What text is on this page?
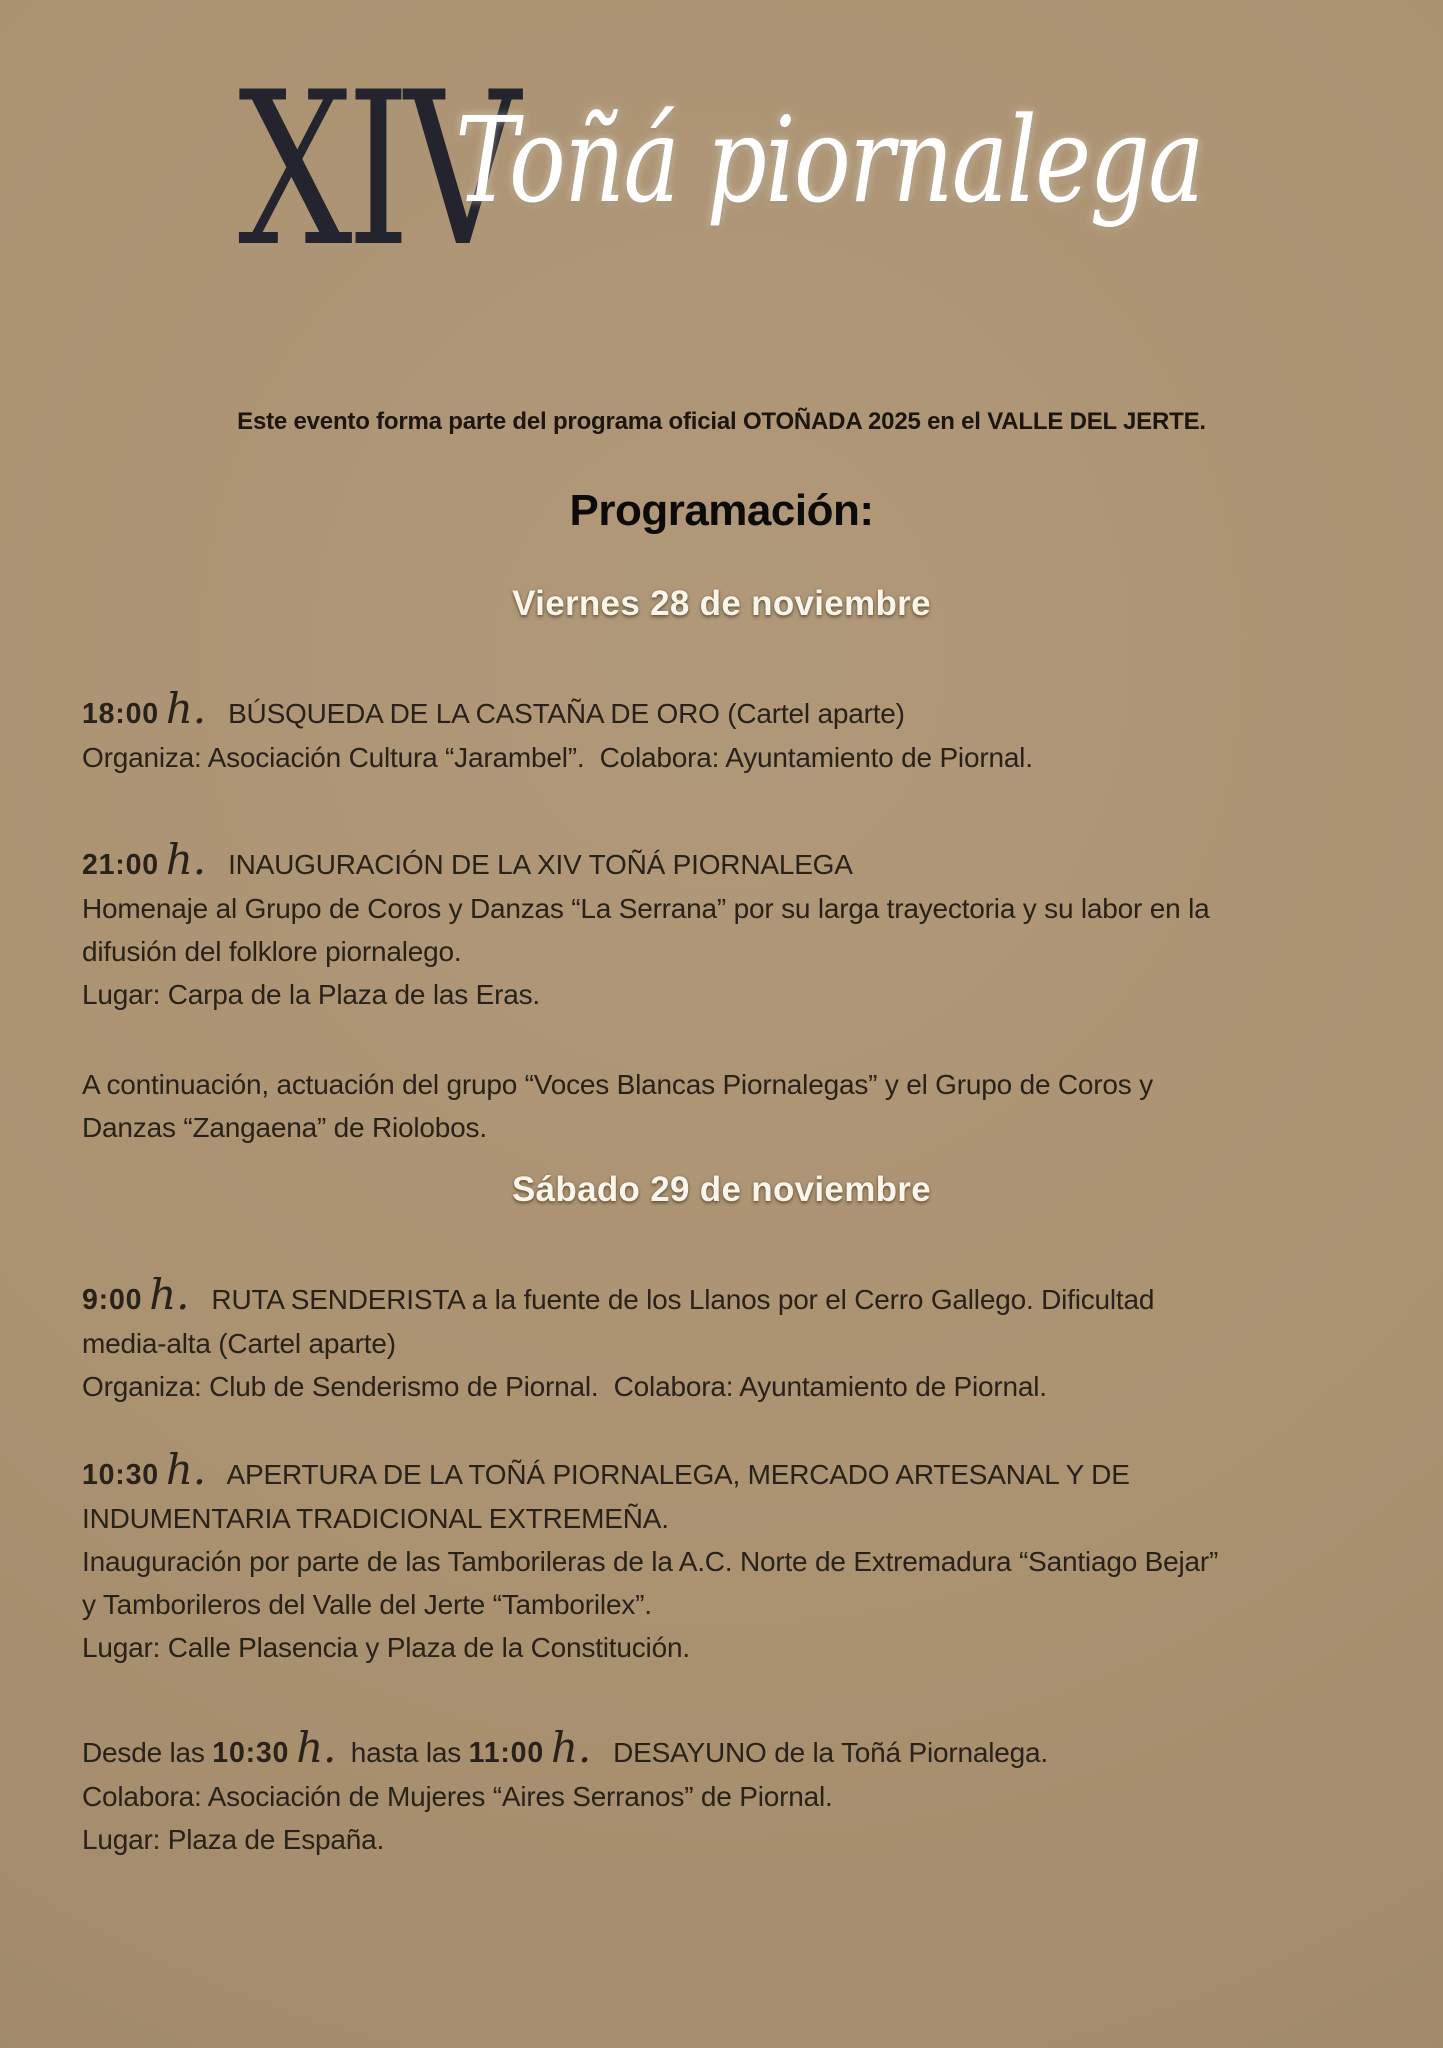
XIV
Toñá piornalega

Este evento forma parte del programa oficial OTOÑADA 2025 en el VALLE DEL JERTE.

Programación:
Viernes 28 de noviembre
18:00 h.  BÚSQUEDA DE LA CASTAÑA DE ORO (Cartel aparte)
Organiza: Asociación Cultura “Jarambel”.  Colabora: Ayuntamiento de Piornal.
21:00 h.  INAUGURACIÓN DE LA XIV TOÑÁ PIORNALEGA
Homenaje al Grupo de Coros y Danzas “La Serrana” por su larga trayectoria y su labor en la
difusión del folklore piornalego.
Lugar: Carpa de la Plaza de las Eras.
A continuación, actuación del grupo “Voces Blancas Piornalegas” y el Grupo de Coros y
Danzas “Zangaena” de Riolobos.
Sábado 29 de noviembre
9:00 h.  RUTA SENDERISTA a la fuente de los Llanos por el Cerro Gallego. Dificultad
media-alta (Cartel aparte)
Organiza: Club de Senderismo de Piornal.  Colabora: Ayuntamiento de Piornal.
10:30 h.  APERTURA DE LA TOÑÁ PIORNALEGA, MERCADO ARTESANAL Y DE
INDUMENTARIA TRADICIONAL EXTREMEÑA.
Inauguración por parte de las Tamborileras de la A.C. Norte de Extremadura “Santiago Bejar”
y Tamborileros del Valle del Jerte “Tamborilex”.
Lugar: Calle Plasencia y Plaza de la Constitución.
Desde las 10:30 h. hasta las 11:00 h.  DESAYUNO de la Toñá Piornalega.
Colabora: Asociación de Mujeres “Aires Serranos” de Piornal.
Lugar: Plaza de España.
